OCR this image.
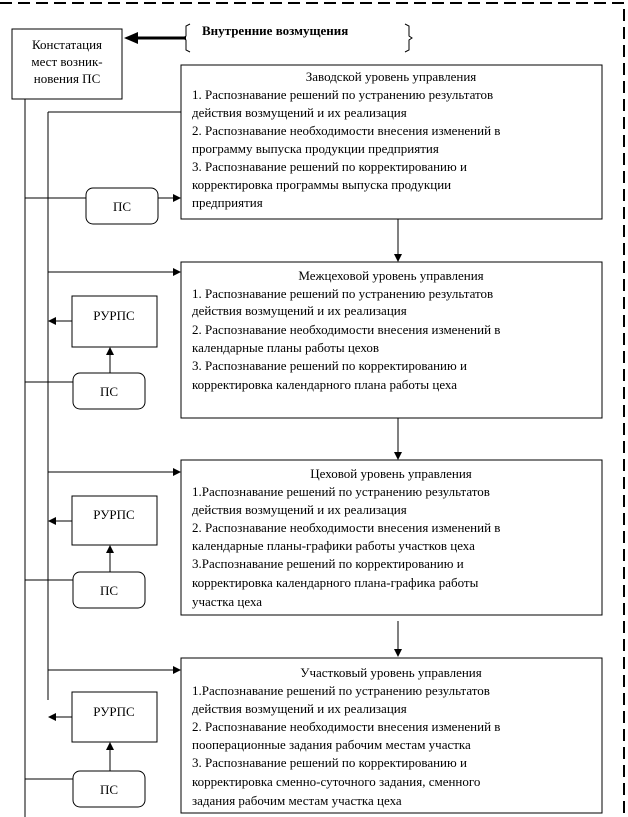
Внутренние возмущения
Констатация
мест возник-
новения ПС	Заводской уровень управления
1. Распознавание решений по устранению результатов
действия возмущений и их реализация
2. Распознавание необходимости внесения изменений в
программу выпуска продукции предприятия
3. Распознавание решений по корректированию и
корректировка программы выпуска продукции
предприятия
ПС
Межцеховой уровень управления
1. Распознавание решений по устранению результатов
действия возмущений и их реализация
2. Распознавание необходимости внесения изменений в
календарные планы работы цехов
3. Распознавание решений по корректированию и
корректировка календарного плана работы цеха
РУРПС
ПС
Цеховой уровень управления
1.Распознавание решений по устранению результатов
действия возмущений и их реализация
2. Распознавание необходимости внесения изменений в
календарные планы-графики работы участков цеха
3.Распознавание решений по корректированию и
корректировка календарного плана-графика работы
участка цеха
РУРПС
ПС
Участковый уровень управления
1.Распознавание решений по устранению результатов
действия возмущений и их реализация
2. Распознавание необходимости внесения изменений в
пооперационные задания рабочим местам участка
3. Распознавание решений по корректированию и
корректировка сменно-суточного задания, сменного
задания рабочим местам участка цеха
РУРПС
ПС
